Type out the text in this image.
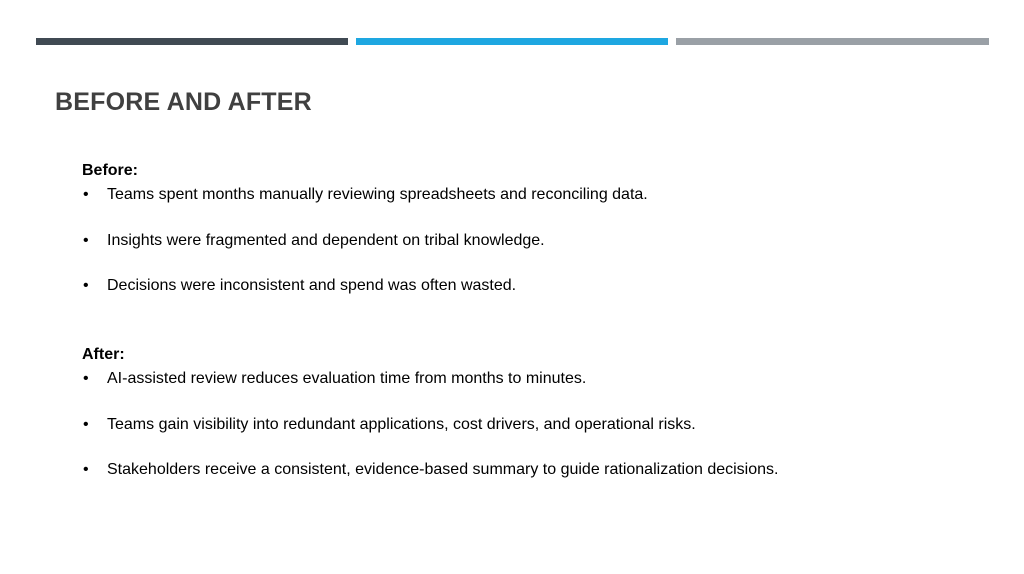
BEFORE AND AFTER
Before:
•	Teams spent months manually reviewing spreadsheets and reconciling data.
•	Insights were fragmented and dependent on tribal knowledge.
•	Decisions were inconsistent and spend was often wasted.
After:
•	AI-assisted review reduces evaluation time from months to minutes.
•	Teams gain visibility into redundant applications, cost drivers, and operational risks.
•	Stakeholders receive a consistent, evidence-based summary to guide rationalization decisions.
